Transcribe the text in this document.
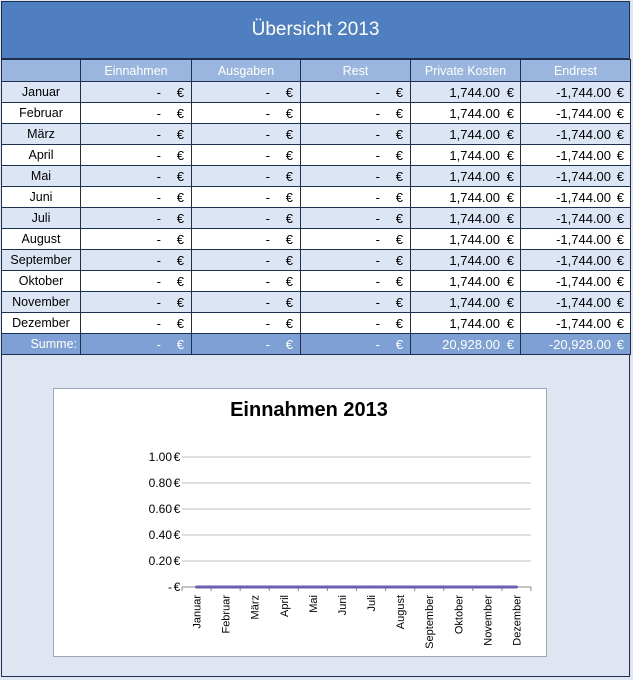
Übersicht 2013
	Einnahmen	Ausgaben	Rest	Private Kosten	Endrest
Januar	- €	- €	- €	1,744.00 €	-1,744.00 €

Februar	- €	- €	- €	1,744.00 €	-1,744.00 €

März	- €	- €	- €	1,744.00 €	-1,744.00 €

April	- €	- €	- €	1,744.00 €	-1,744.00 €

Mai	- €	- €	- €	1,744.00 €	-1,744.00 €

Juni	- €	- €	- €	1,744.00 €	-1,744.00 €

Juli	- €	- €	- €	1,744.00 €	-1,744.00 €

August	- €	- €	- €	1,744.00 €	-1,744.00 €

September	- €	- €	- €	1,744.00 €	-1,744.00 €

Oktober	- €	- €	- €	1,744.00 €	-1,744.00 €

November	- €	- €	- €	1,744.00 €	-1,744.00 €

Dezember	- €	- €	- €	1,744.00 €	-1,744.00 €

Summe:	- €	- €	- €	20,928.00 €	-20,928.00 €
Einnahmen 2013
- €
0.20 €
0.40 €
0.60 €
0.80 €
1.00 €
Januar Februar März April Mai Juni Juli August September Oktober November Dezember
